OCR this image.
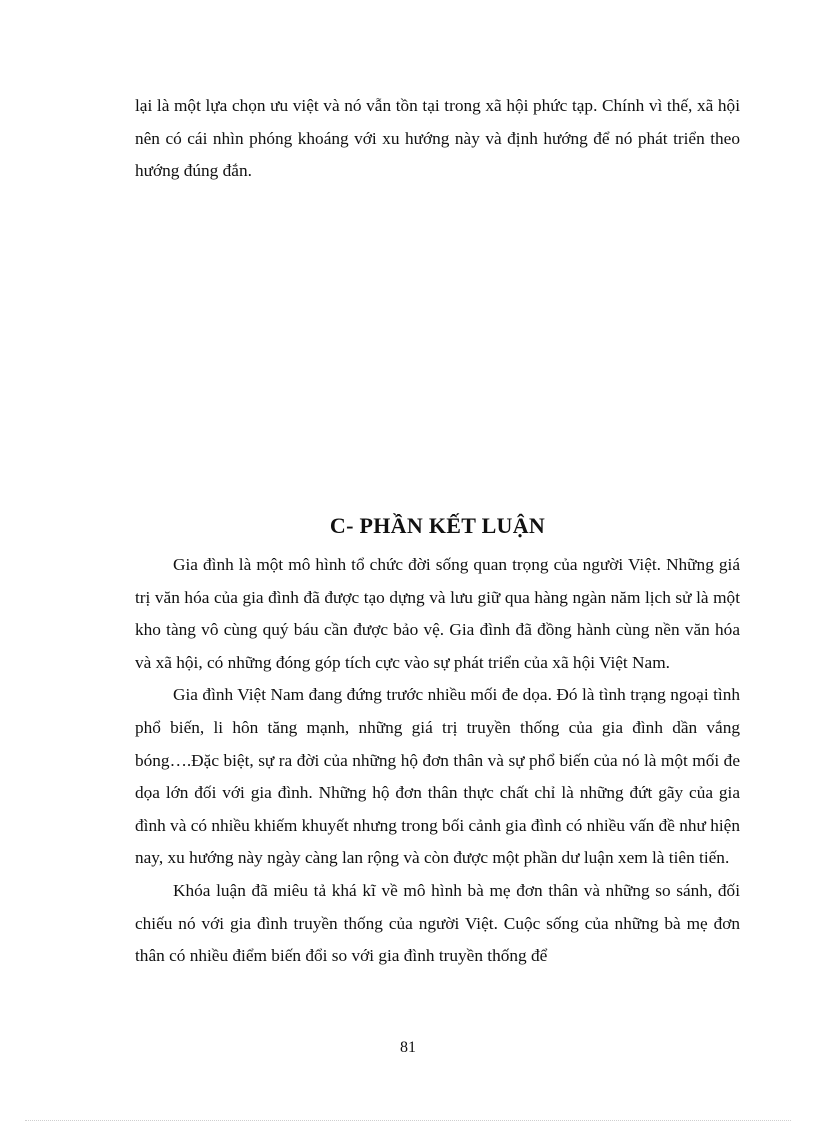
lại là một lựa chọn ưu việt và nó vẫn tồn tại trong xã hội phức tạp. Chính vì thế, xã hội nên có cái nhìn phóng khoáng với xu hướng này và định hướng để nó phát triển theo hướng đúng đắn.

C- PHẦN KẾT LUẬN

Gia đình là một mô hình tổ chức đời sống quan trọng của người Việt. Những giá trị văn hóa của gia đình đã được tạo dựng và lưu giữ qua hàng ngàn năm lịch sử là một kho tàng vô cùng quý báu cần được bảo vệ. Gia đình đã đồng hành cùng nền văn hóa và xã hội, có những đóng góp tích cực vào sự phát triển của xã hội Việt Nam.

Gia đình Việt Nam đang đứng trước nhiều mối đe dọa. Đó là tình trạng ngoại tình phổ biến, li hôn tăng mạnh, những giá trị truyền thống của gia đình dần vắng bóng….Đặc biệt, sự ra đời của những hộ đơn thân và sự phổ biến của nó là một mối đe dọa lớn đối với gia đình. Những hộ đơn thân thực chất chỉ là những đứt gãy của gia đình và có nhiều khiếm khuyết nhưng trong bối cảnh gia đình có nhiều vấn đề như hiện nay, xu hướng này ngày càng lan rộng và còn được một phần dư luận xem là tiên tiến.

Khóa luận đã miêu tả khá kĩ về mô hình bà mẹ đơn thân và những so sánh, đối chiếu nó với gia đình truyền thống của người Việt. Cuộc sống của những bà mẹ đơn thân có nhiều điểm biến đổi so với gia đình truyền thống để

81
